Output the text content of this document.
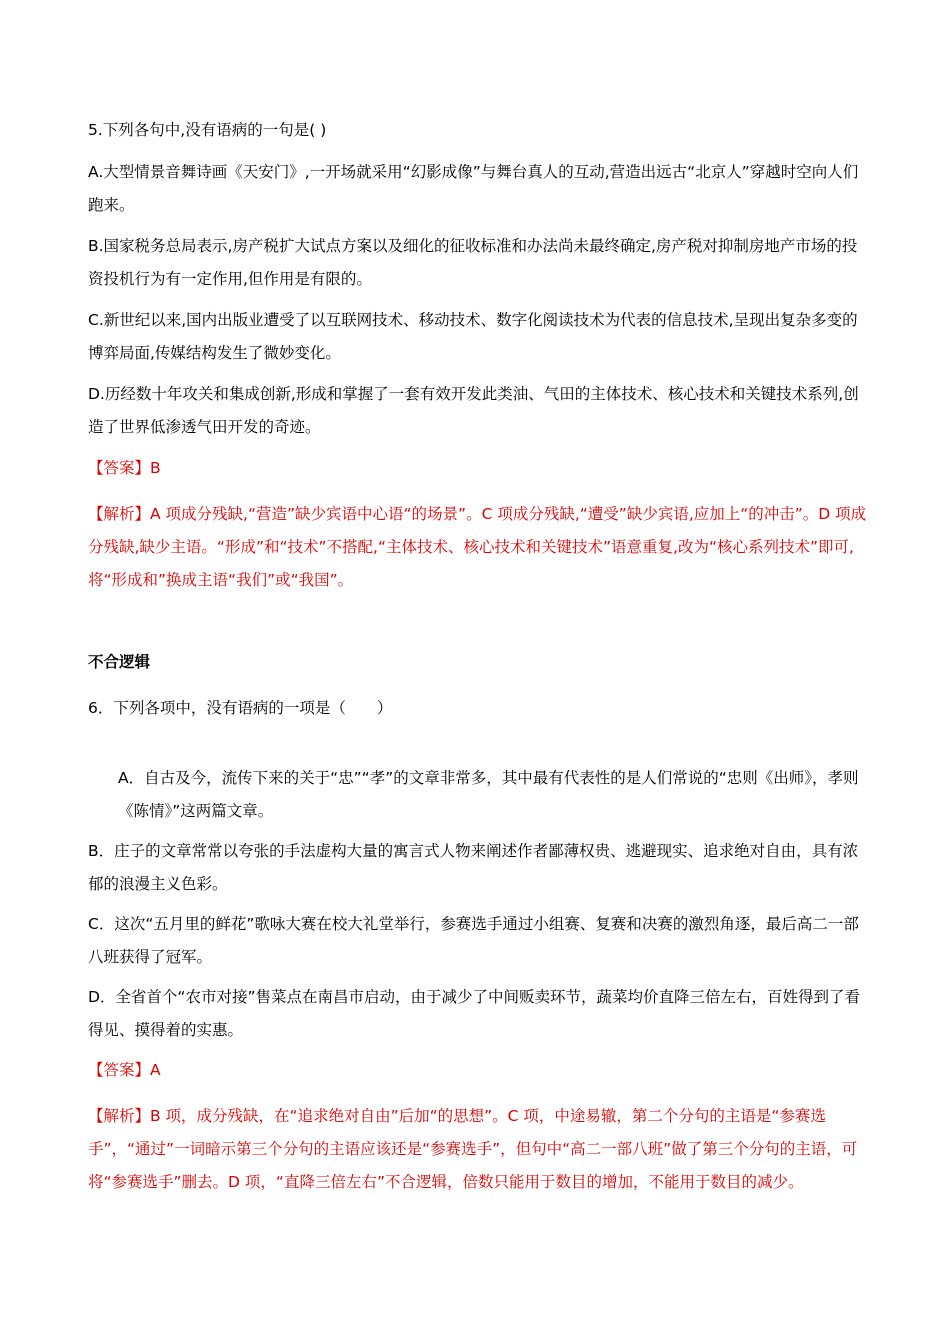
5.下列各句中,没有语病的一句是( )

A.大型情景音舞诗画《天安门》,一开场就采用“幻影成像”与舞台真人的互动,营造出远古“北京人”穿越时空向人们跑来。

B.国家税务总局表示,房产税扩大试点方案以及细化的征收标准和办法尚未最终确定,房产税对抑制房地产市场的投资投机行为有一定作用,但作用是有限的。

C.新世纪以来,国内出版业遭受了以互联网技术、移动技术、数字化阅读技术为代表的信息技术,呈现出复杂多变的博弈局面,传媒结构发生了微妙变化。

D.历经数十年攻关和集成创新,形成和掌握了一套有效开发此类油、气田的主体技术、核心技术和关键技术系列,创造了世界低渗透气田开发的奇迹。

【答案】B

【解析】A 项成分残缺,“营造”缺少宾语中心语“的场景”。C 项成分残缺,“遭受”缺少宾语,应加上“的冲击”。D 项成分残缺,缺少主语。“形成”和“技术”不搭配,“主体技术、核心技术和关键技术”语意重复,改为“核心系列技术”即可,将“形成和”换成主语“我们”或“我国”。

不合逻辑

6．下列各项中，没有语病的一项是（　　）

A．自古及今，流传下来的关于“忠”“孝”的文章非常多，其中最有代表性的是人们常说的“忠则《出师》，孝则《陈情》”这两篇文章。

B．庄子的文章常常以夸张的手法虚构大量的寓言式人物来阐述作者鄙薄权贵、逃避现实、追求绝对自由，具有浓郁的浪漫主义色彩。

C．这次“五月里的鲜花”歌咏大赛在校大礼堂举行，参赛选手通过小组赛、复赛和决赛的激烈角逐，最后高二一部八班获得了冠军。

D．全省首个“农市对接”售菜点在南昌市启动，由于减少了中间贩卖环节，蔬菜均价直降三倍左右，百姓得到了看得见、摸得着的实惠。

【答案】A

【解析】B 项，成分残缺，在“追求绝对自由”后加“的思想”。C 项，中途易辙，第二个分句的主语是“参赛选手”，“通过”一词暗示第三个分句的主语应该还是“参赛选手”，但句中“高二一部八班”做了第三个分句的主语，可将“参赛选手”删去。D 项，“直降三倍左右”不合逻辑，倍数只能用于数目的增加，不能用于数目的减少。
